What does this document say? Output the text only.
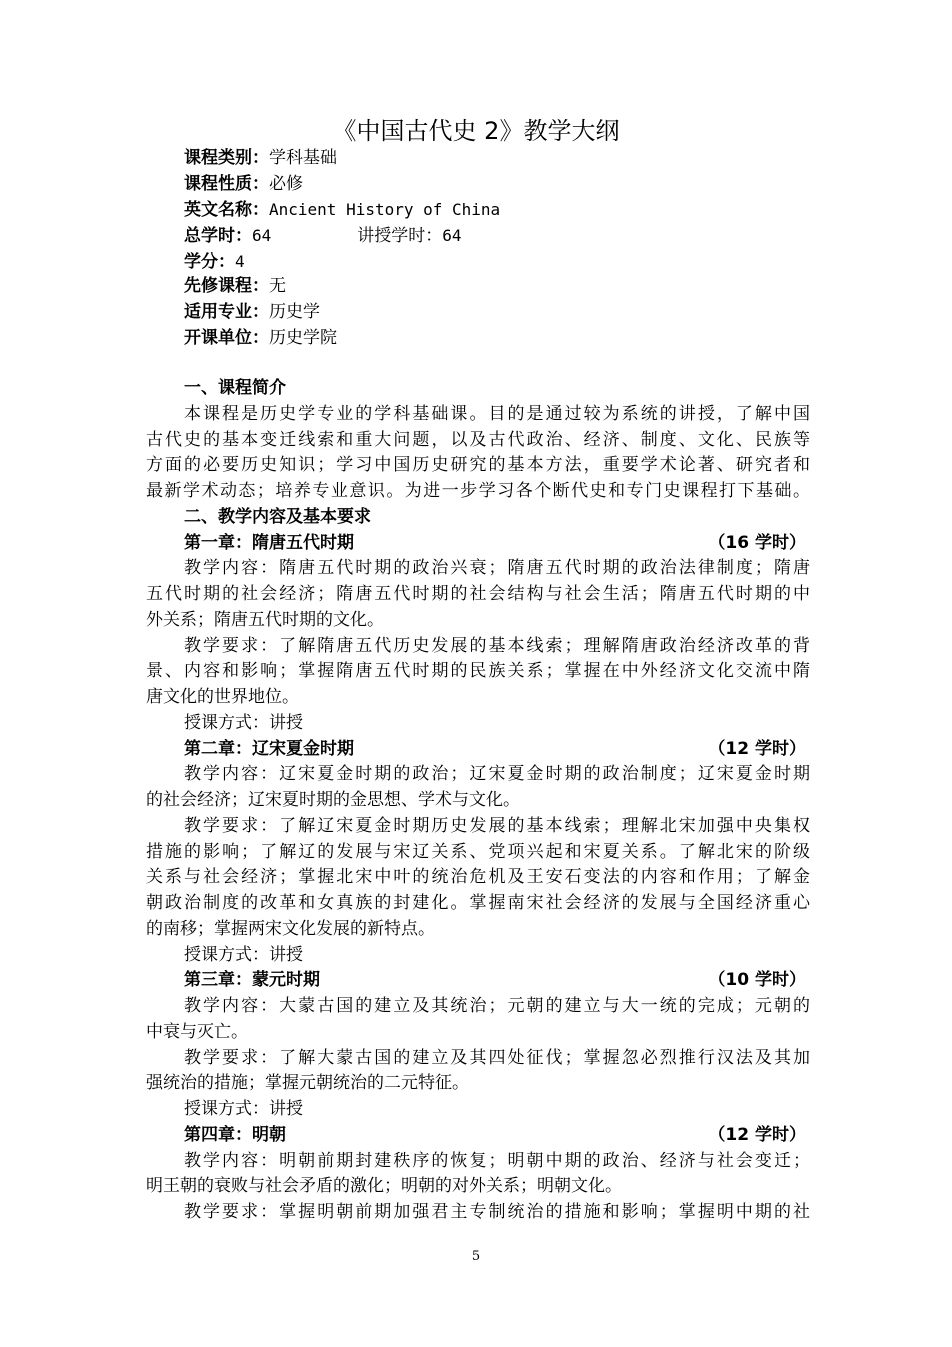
《中国古代史 2》教学大纲
课程类别：学科基础
课程性质：必修
英文名称：Ancient History of China
总学时：64	讲授学时：64
学分：4
先修课程：无
适用专业：历史学
开课单位：历史学院
一、课程简介
本课程是历史学专业的学科基础课。目的是通过较为系统的讲授，了解中国
古代史的基本变迁线索和重大问题，以及古代政治、经济、制度、文化、民族等
方面的必要历史知识；学习中国历史研究的基本方法，重要学术论著、研究者和
最新学术动态；培养专业意识。为进一步学习各个断代史和专门史课程打下基础。
二、教学内容及基本要求
第一章：隋唐五代时期	（16 学时）
教学内容：隋唐五代时期的政治兴衰；隋唐五代时期的政治法律制度；隋唐
五代时期的社会经济；隋唐五代时期的社会结构与社会生活；隋唐五代时期的中
外关系；隋唐五代时期的文化。
教学要求：了解隋唐五代历史发展的基本线索；理解隋唐政治经济改革的背
景、内容和影响；掌握隋唐五代时期的民族关系；掌握在中外经济文化交流中隋
唐文化的世界地位。
授课方式：讲授
第二章：辽宋夏金时期	（12 学时）
教学内容：辽宋夏金时期的政治；辽宋夏金时期的政治制度；辽宋夏金时期
的社会经济；辽宋夏时期的金思想、学术与文化。
教学要求：了解辽宋夏金时期历史发展的基本线索；理解北宋加强中央集权
措施的影响；了解辽的发展与宋辽关系、党项兴起和宋夏关系。了解北宋的阶级
关系与社会经济；掌握北宋中叶的统治危机及王安石变法的内容和作用；了解金
朝政治制度的改革和女真族的封建化。掌握南宋社会经济的发展与全国经济重心
的南移；掌握两宋文化发展的新特点。
授课方式：讲授
第三章：蒙元时期	（10 学时）
教学内容：大蒙古国的建立及其统治；元朝的建立与大一统的完成；元朝的
中衰与灭亡。
教学要求：了解大蒙古国的建立及其四处征伐；掌握忽必烈推行汉法及其加
强统治的措施；掌握元朝统治的二元特征。
授课方式：讲授
第四章：明朝	（12 学时）
教学内容：明朝前期封建秩序的恢复；明朝中期的政治、经济与社会变迁；
明王朝的衰败与社会矛盾的激化；明朝的对外关系；明朝文化。
教学要求：掌握明朝前期加强君主专制统治的措施和影响；掌握明中期的社
5
